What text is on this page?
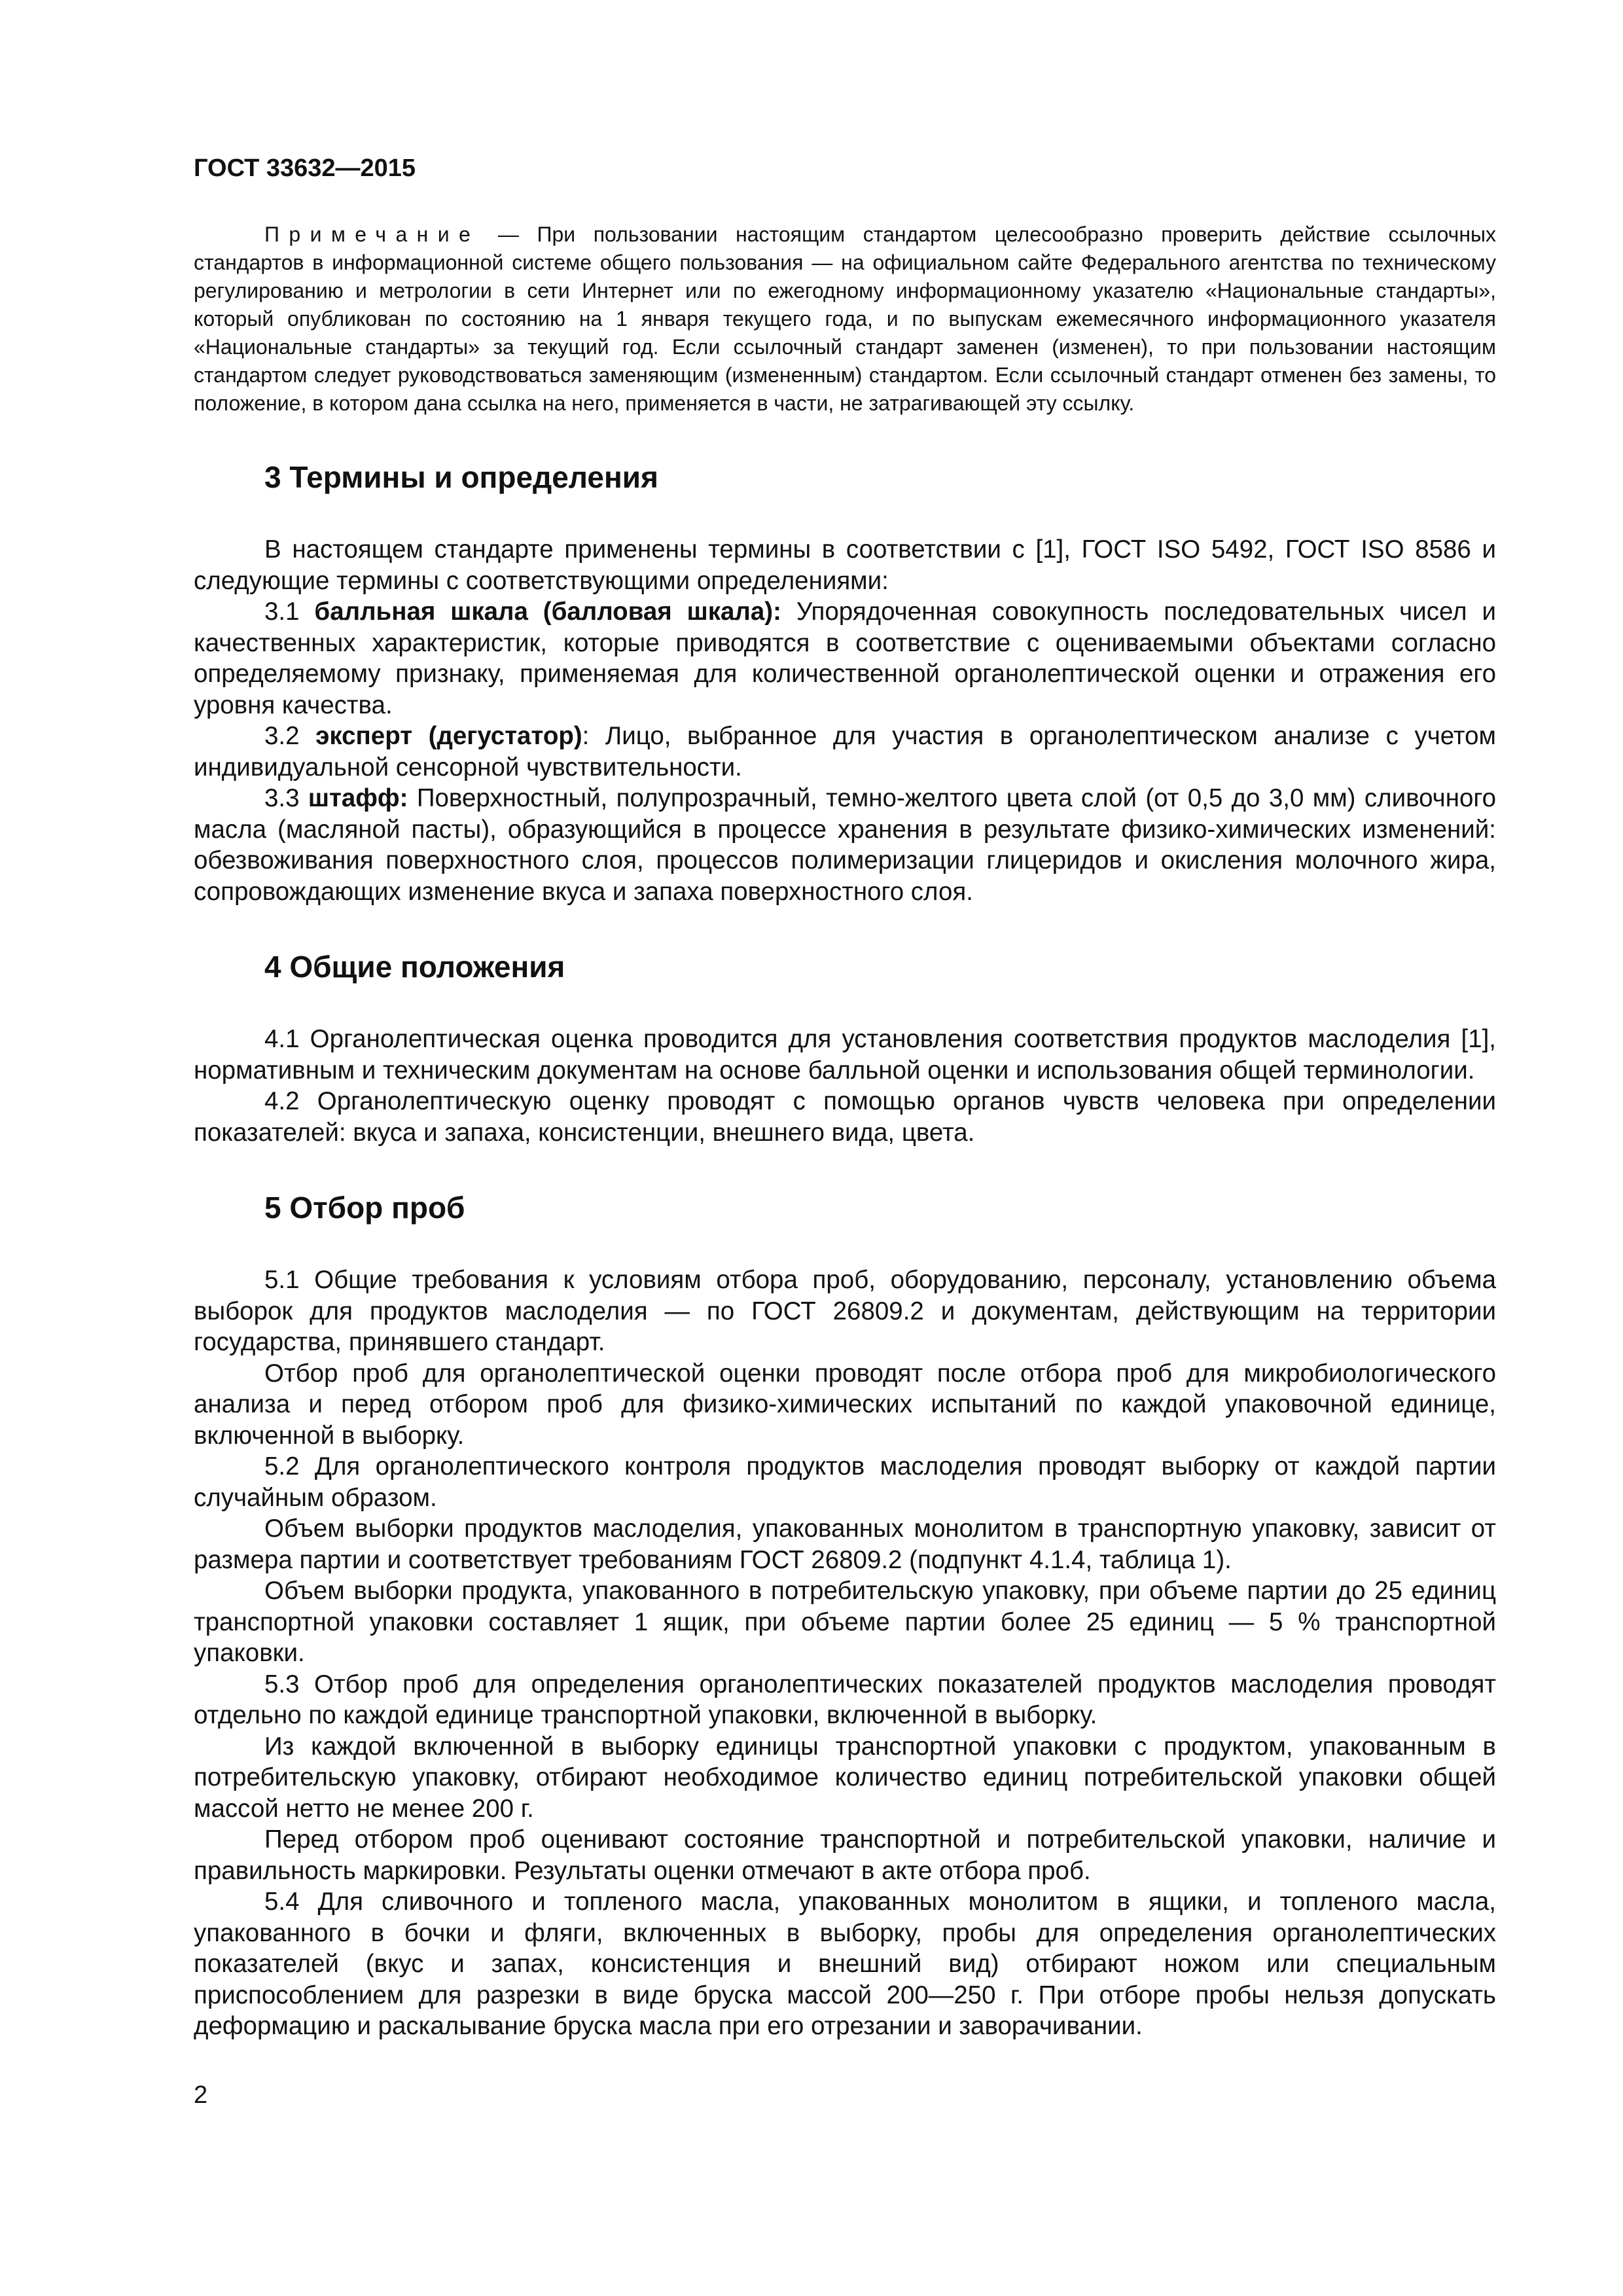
ГОСТ 33632—2015

Примечание — При пользовании настоящим стандартом целесообразно проверить действие ссылочных стандартов в информационной системе общего пользования — на официальном сайте Федерального агентства по техническому регулированию и метрологии в сети Интернет или по ежегодному информационному указателю «Национальные стандарты», который опубликован по состоянию на 1 января текущего года, и по выпускам ежемесячного информационного указателя «Национальные стандарты» за текущий год. Если ссылочный стандарт заменен (изменен), то при пользовании настоящим стандартом следует руководствоваться заменяющим (измененным) стандартом. Если ссылочный стандарт отменен без замены, то положение, в котором дана ссылка на него, применяется в части, не затрагивающей эту ссылку.

3 Термины и определения

В настоящем стандарте применены термины в соответствии с [1], ГОСТ ISO 5492, ГОСТ ISO 8586 и следующие термины с соответствующими определениями:

3.1 балльная шкала (балловая шкала): Упорядоченная совокупность последовательных чисел и качественных характеристик, которые приводятся в соответствие с оцениваемыми объектами согласно определяемому признаку, применяемая для количественной органолептической оценки и отражения его уровня качества.

3.2 эксперт (дегустатор): Лицо, выбранное для участия в органолептическом анализе с учетом индивидуальной сенсорной чувствительности.

3.3 штафф: Поверхностный, полупрозрачный, темно-желтого цвета слой (от 0,5 до 3,0 мм) сливочного масла (масляной пасты), образующийся в процессе хранения в результате физико-химических изменений: обезвоживания поверхностного слоя, процессов полимеризации глицеридов и окисления молочного жира, сопровождающих изменение вкуса и запаха поверхностного слоя.

4 Общие положения

4.1 Органолептическая оценка проводится для установления соответствия продуктов маслоделия [1], нормативным и техническим документам на основе балльной оценки и использования общей терминологии.

4.2 Органолептическую оценку проводят с помощью органов чувств человека при определении показателей: вкуса и запаха, консистенции, внешнего вида, цвета.

5 Отбор проб

5.1 Общие требования к условиям отбора проб, оборудованию, персоналу, установлению объема выборок для продуктов маслоделия — по ГОСТ 26809.2 и документам, действующим на территории государства, принявшего стандарт.

Отбор проб для органолептической оценки проводят после отбора проб для микробиологического анализа и перед отбором проб для физико-химических испытаний по каждой упаковочной единице, включенной в выборку.

5.2 Для органолептического контроля продуктов маслоделия проводят выборку от каждой партии случайным образом.

Объем выборки продуктов маслоделия, упакованных монолитом в транспортную упаковку, зависит от размера партии и соответствует требованиям ГОСТ 26809.2 (подпункт 4.1.4, таблица 1).

Объем выборки продукта, упакованного в потребительскую упаковку, при объеме партии до 25 единиц транспортной упаковки составляет 1 ящик, при объеме партии более 25 единиц — 5 % транспортной упаковки.

5.3 Отбор проб для определения органолептических показателей продуктов маслоделия проводят отдельно по каждой единице транспортной упаковки, включенной в выборку.

Из каждой включенной в выборку единицы транспортной упаковки с продуктом, упакованным в потребительскую упаковку, отбирают необходимое количество единиц потребительской упаковки общей массой нетто не менее 200 г.

Перед отбором проб оценивают состояние транспортной и потребительской упаковки, наличие и правильность маркировки. Результаты оценки отмечают в акте отбора проб.

5.4 Для сливочного и топленого масла, упакованных монолитом в ящики, и топленого масла, упакованного в бочки и фляги, включенных в выборку, пробы для определения органолептических показателей (вкус и запах, консистенция и внешний вид) отбирают ножом или специальным приспособлением для разрезки в виде бруска массой 200—250 г. При отборе пробы нельзя допускать деформацию и раскалывание бруска масла при его отрезании и заворачивании.

2
